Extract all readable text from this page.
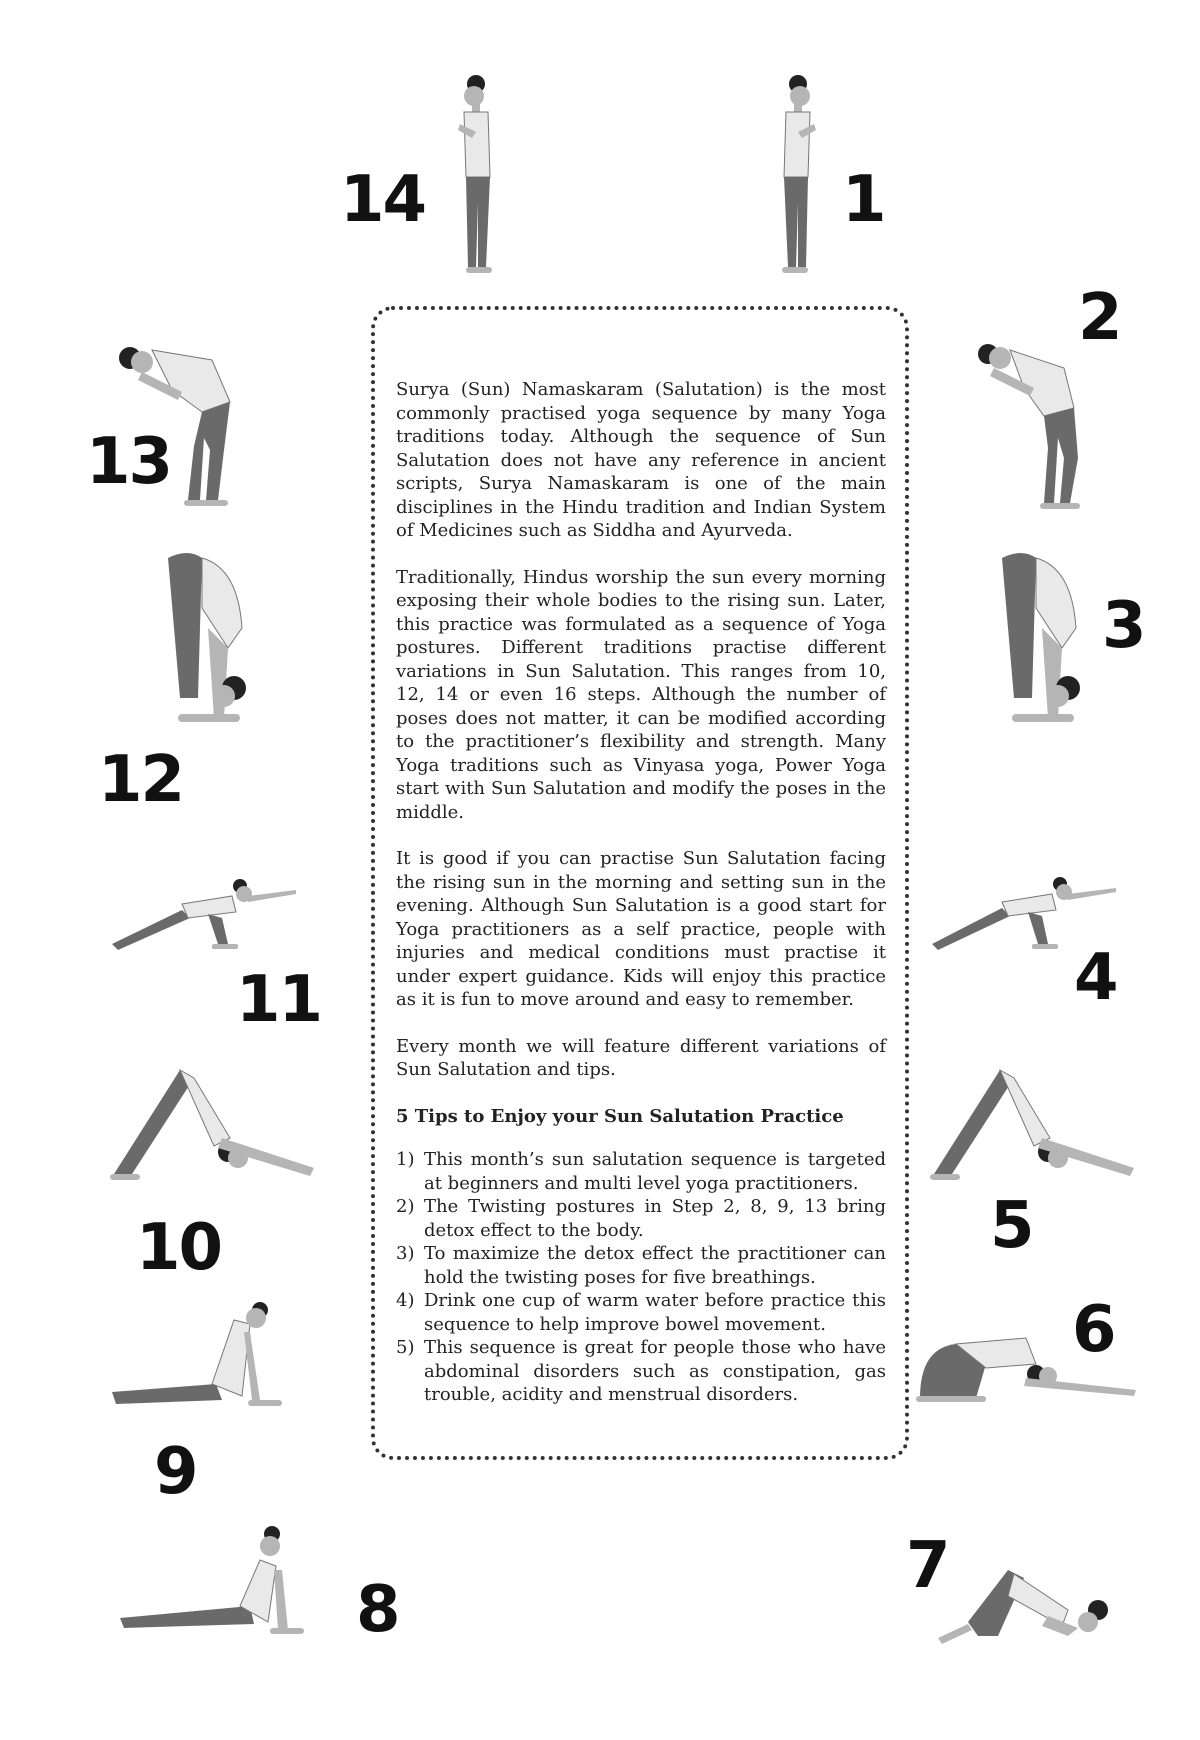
14	1
2
13
3
12
11	4
10	5
6
9
7
8

Surya (Sun) Namaskaram (Salutation) is the most commonly practised yoga sequence by many Yoga traditions today. Although the sequence of Sun Salutation does not have any reference in ancient scripts, Surya Namaskaram is one of the main disciplines in the Hindu tradition and Indian System of Medicines such as Siddha and Ayurveda.

Traditionally, Hindus worship the sun every morning exposing their whole bodies to the rising sun. Later, this practice was formulated as a sequence of Yoga postures. Different traditions practise different variations in Sun Salutation. This ranges from 10, 12, 14 or even 16 steps. Although the number of poses does not matter, it can be modified according to the practitioner’s flexibility and strength. Many Yoga traditions such as Vinyasa yoga, Power Yoga start with Sun Salutation and modify the poses in the middle.

It is good if you can practise Sun Salutation facing the rising sun in the morning and setting sun in the evening. Although Sun Salutation is a good start for Yoga practitioners as a self practice, people with injuries and medical conditions must practise it under expert guidance. Kids will enjoy this practice as it is fun to move around and easy to remember.

Every month we will feature different variations of Sun Salutation and tips.

5 Tips to Enjoy your Sun Salutation Practice
1) This month’s sun salutation sequence is targeted at beginners and multi level yoga practitioners.
2) The Twisting postures in Step 2, 8, 9, 13 bring detox effect to the body.
3) To maximize the detox effect the practitioner can hold the twisting poses for five breathings.
4) Drink one cup of warm water before practice this sequence to help improve bowel movement.
5) This sequence is great for people those who have abdominal disorders such as constipation, gas trouble, acidity and menstrual disorders.
